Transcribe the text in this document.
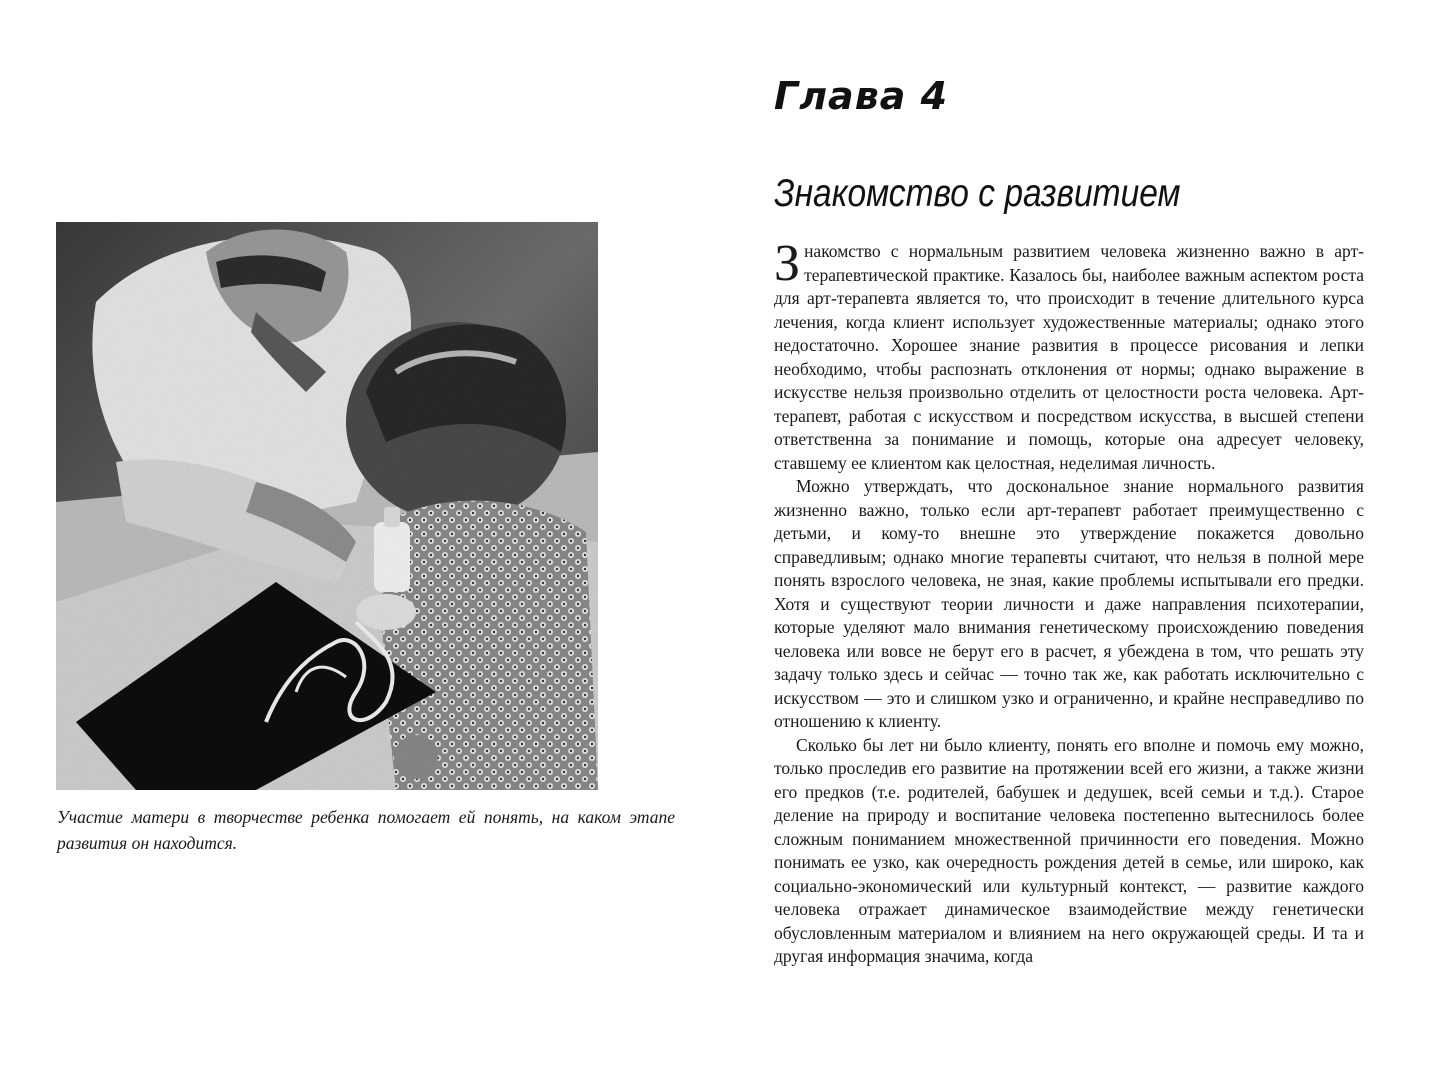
Участие матери в творчестве ребенка помогает ей понять, на каком этапе развития он находится.
Глава 4
Знакомство с развитием

Знакомство с нормальным развитием человека жизненно важно в арт-терапевтической практике. Казалось бы, наиболее важным аспектом роста для арт-терапевта является то, что происходит в течение длительного курса лечения, когда клиент использует художественные материалы; однако этого недостаточно. Хорошее знание развития в процессе рисования и лепки необходимо, чтобы распознать отклонения от нормы; однако выражение в искусстве нельзя произвольно отделить от целостности роста человека. Арт-терапевт, работая с искусством и посредством искусства, в высшей степени ответственна за понимание и помощь, которые она адресует человеку, ставшему ее клиентом как целостная, неделимая личность.

Можно утверждать, что досконaльное знание нормального развития жизненно важно, только если арт-терапевт работает преимущественно с детьми, и кому-то внешне это утверждение покажется довольно справедливым; однако многие терапевты считают, что нельзя в полной мере понять взрослого человека, не зная, какие проблемы испытывали его предки. Хотя и существуют теории личности и даже направления психотерапии, которые уделяют мало внимания генетическому происхождению поведения человека или вовсе не берут его в расчет, я убеждена в том, что решать эту задачу только здесь и сейчас — точно так же, как работать исключительно с искусством — это и слишком узко и ограниченно, и крайне несправедливо по отношению к клиенту.

Сколько бы лет ни было клиенту, понять его вполне и помочь ему можно, только проследив его развитие на протяжении всей его жизни, а также жизни его предков (т.е. родителей, бабушек и дедушек, всей семьи и т.д.). Старое деление на природу и воспитание человека постепенно вытеснилось более сложным пониманием множественной причинности его поведения. Можно понимать ее узко, как очередность рождения детей в семье, или широко, как социально-экономический или культурный контекст, — развитие каждого человека отражает динамическое взаимодействие между генетически обусловленным материалом и влиянием на него окружающей среды. И та и другая информация значима, когда
